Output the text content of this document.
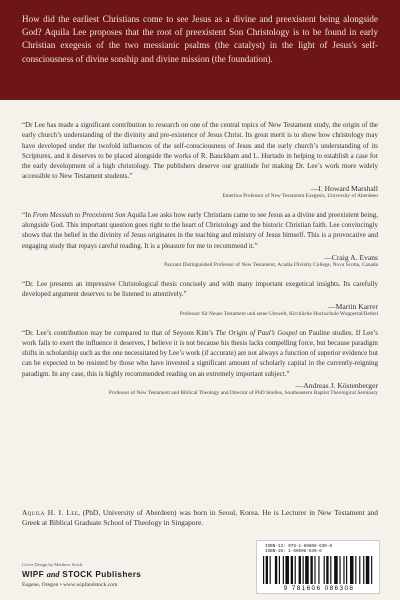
How did the earliest Christians come to see Jesus as a divine and preexistent being alongside God? Aquila Lee proposes that the root of preexistent Son Christology is to be found in early Christian exegesis of the two messianic psalms (the catalyst) in the light of Jesus's self-consciousness of divine sonship and divine mission (the foundation).

“Dr Lee has made a significant contribution to research on one of the central topics of New Testament study, the origin of the early church’s understanding of the divinity and pre-existence of Jesus Christ. Its great merit is to show how christology may have developed under the twofold influences of the self-consciousness of Jesus and the early church’s understanding of its Scriptures, and it deserves to be placed alongside the works of R. Bauckham and L. Hurtado in helping to establish a case for the early development of a high christology. The publishers deserve our gratitude for making Dr. Lee’s work more widely accessible to New Testament students.”

—I. Howard Marshall
Emeritus Professor of New Testament Exegesis, University of Aberdeen

“In From Messiah to Preexistent Son Aquila Lee asks how early Christians came to see Jesus as a divine and preexistent being, alongside God. This important question goes right to the heart of Christology and the historic Christian faith. Lee convincingly shows that the belief in the divinity of Jesus originates in the teaching and ministry of Jesus himself. This is a provocative and engaging study that repays careful reading. It is a pleasure for me to recommend it.”

—Craig A. Evans
Payzant Distinguished Professor of New Testament, Acadia Divinity College, Nova Scotia, Canada

“Dr. Lee presents an impressive Christological thesis concisely and with many important exegetical insights. Its carefully developed argument deserves to be listened to attentively.”

—Martin Karrer
Professor für Neues Testament und seine Umwelt, Kirchliche Hochschule Wuppertal/Bethel

“Dr. Lee’s contribution may be compared to that of Seyoon Kim’s The Origin of Paul’s Gospel on Pauline studies. If Lee’s work fails to exert the influence it deserves, I believe it is not because his thesis lacks compelling force, but because paradigm shifts in scholarship such as the one necessitated by Lee’s work (if accurate) are not always a function of superior evidence but can be expected to be resisted by those who have invested a significant amount of scholarly capital in the currently-reigning paradigm. In any case, this is highly recommended reading on an extremely important subject.”

—Andreas J. Köstenberger
Professor of New Testament and Biblical Theology and Director of PhD Studies, Southeastern Baptist Theological Seminary

Aquila H. I. Lee, (PhD, University of Aberdeen) was born in Seoul, Korea. He is Lecturer in New Testament and Greek at Biblical Graduate School of Theology in Singapore.

Cover Design by Matthew Stock
WIPF and STOCK Publishers
Eugene, Oregon • www.wipfandstock.com
ISBN-13: 978-1-60608-630-8
ISBN-10: 1-60608-630-8
9 781606 086308
